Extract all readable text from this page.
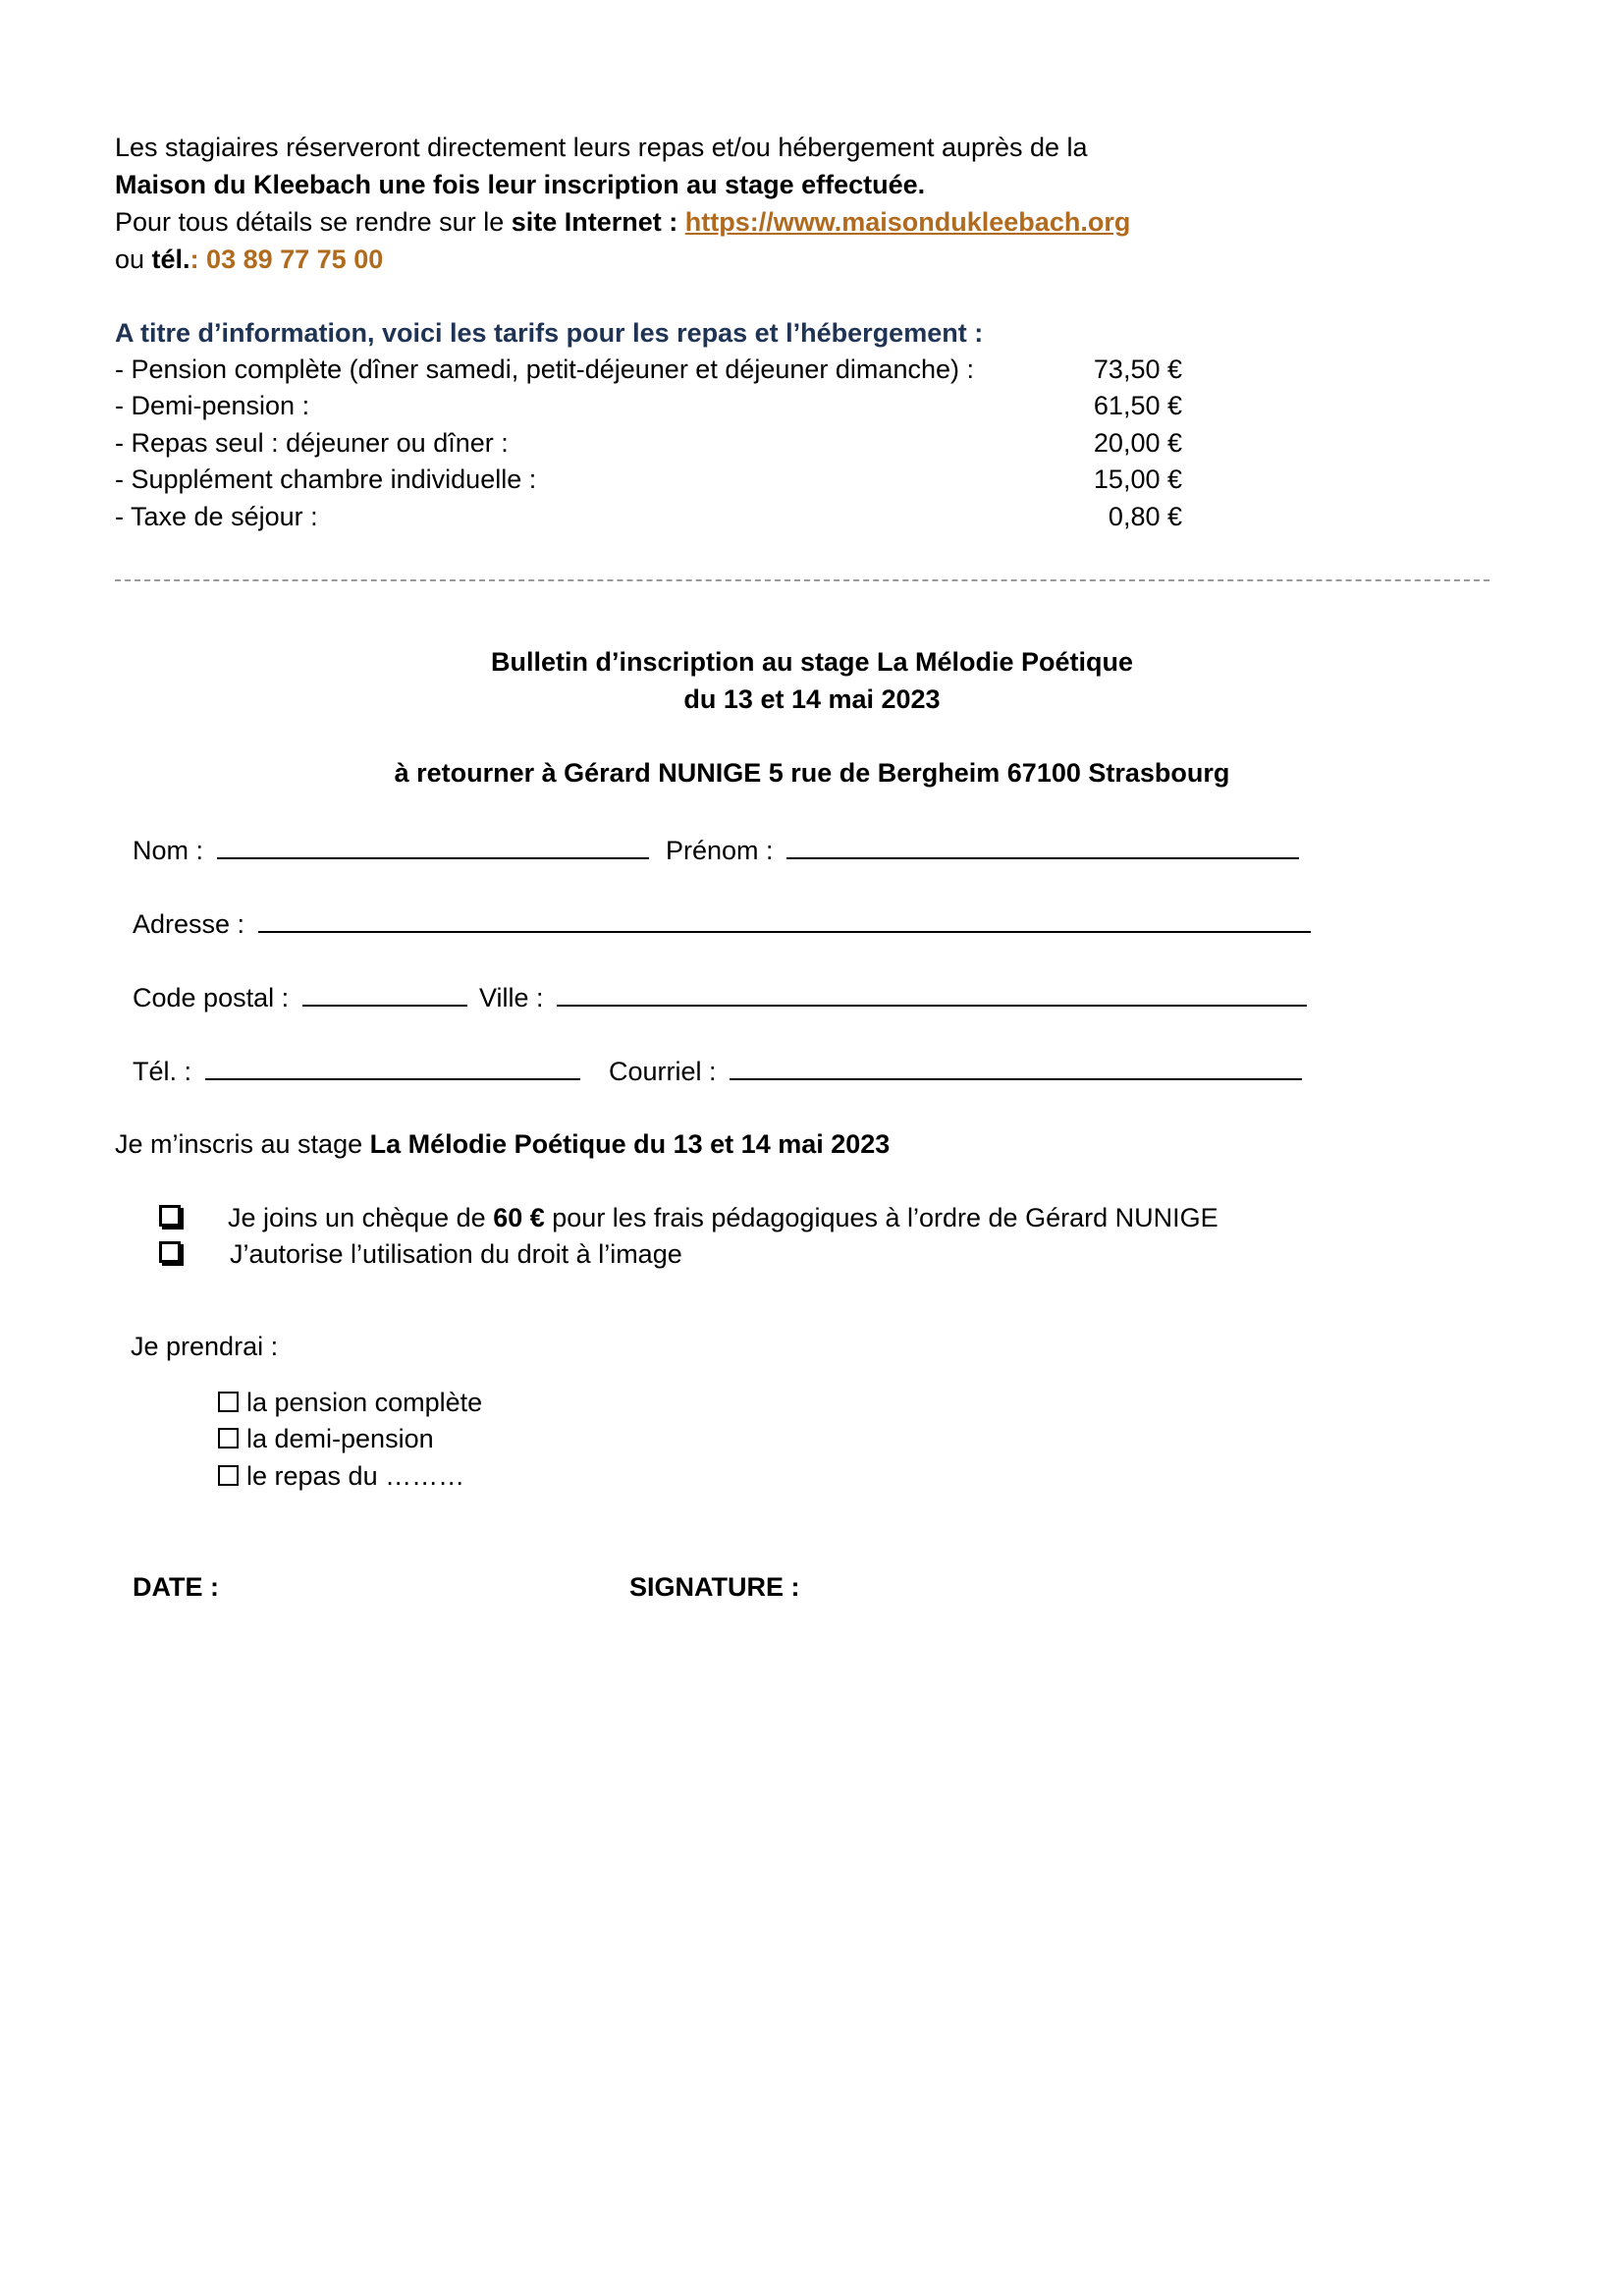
Les stagiaires réserveront directement leurs repas et/ou hébergement auprès de la
Maison du Kleebach une fois leur inscription au stage effectuée.
Pour tous détails se rendre sur le site Internet : https://www.maisondukleebach.org
ou tél.: 03 89 77 75 00
A titre d’information, voici les tarifs pour les repas et l’hébergement :
- Pension complète (dîner samedi, petit-déjeuner et déjeuner dimanche) :	73,50 €
- Demi-pension :	61,50 €
- Repas seul : déjeuner ou dîner :	20,00 €
- Supplément chambre individuelle :	15,00 €
- Taxe de séjour :	0,80 €
Bulletin d’inscription au stage La Mélodie Poétique
du 13 et 14 mai 2023
à retourner à Gérard NUNIGE 5 rue de Bergheim 67100 Strasbourg
Nom :	Prénom :
Adresse :
Code postal :	Ville :
Tél. :	Courriel :
Je m’inscris au stage La Mélodie Poétique du 13 et 14 mai 2023
Je joins un chèque de 60 € pour les frais pédagogiques à l’ordre de Gérard NUNIGE
J’autorise l’utilisation du droit à l’image
Je prendrai :
la pension complète
la demi-pension
le repas du ………
DATE :	SIGNATURE :
